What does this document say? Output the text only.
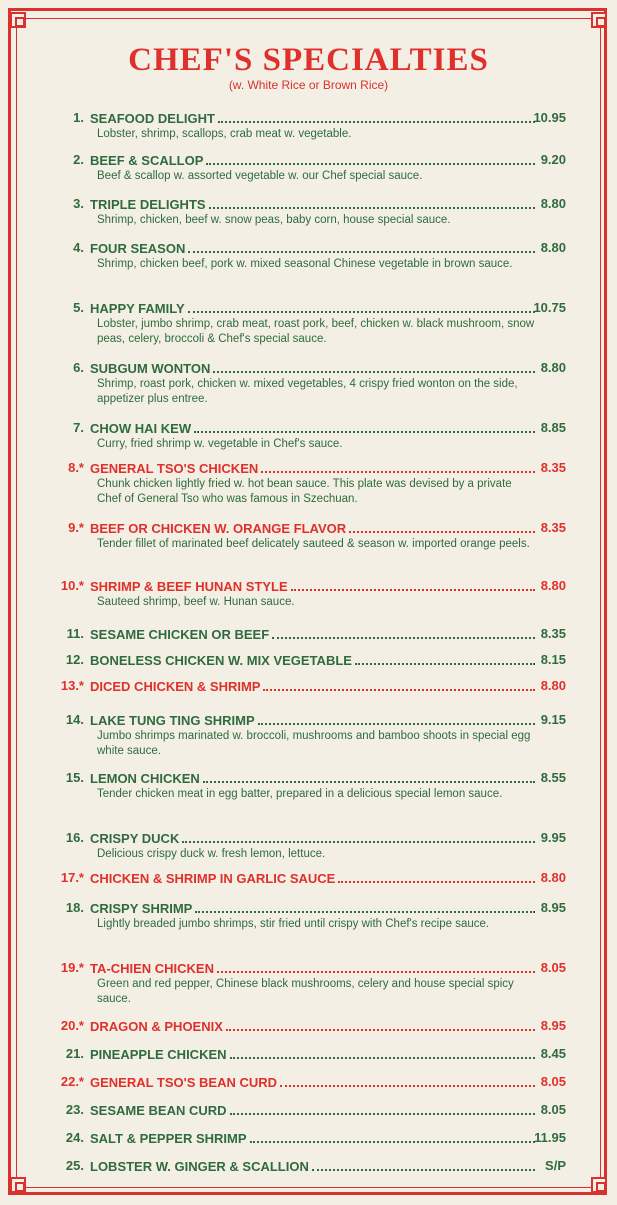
CHEF'S SPECIALTIES
(w. White Rice or Brown Rice)
1. SEAFOOD DELIGHT	10.95
Lobster, shrimp, scallops, crab meat w. vegetable.
2. BEEF & SCALLOP	9.20
Beef & scallop w. assorted vegetable w. our Chef special sauce.
3. TRIPLE DELIGHTS	8.80
Shrimp, chicken, beef w. snow peas, baby corn, house special sauce.
4. FOUR SEASON	8.80
Shrimp, chicken beef, pork w. mixed seasonal Chinese vegetable in brown sauce.
5. HAPPY FAMILY	10.75
Lobster, jumbo shrimp, crab meat, roast pork, beef, chicken w. black mushroom, snow peas, celery, broccoli & Chef's special sauce.
6. SUBGUM WONTON	8.80
Shrimp, roast pork, chicken w. mixed vegetables, 4 crispy fried wonton on the side, appetizer plus entree.
7. CHOW HAI KEW	8.85
Curry, fried shrimp w. vegetable in Chef's sauce.
8.* GENERAL TSO'S CHICKEN	8.35
Chunk chicken lightly fried w. hot bean sauce. This plate was devised by a private Chef of General Tso who was famous in Szechuan.
9.* BEEF OR CHICKEN W. ORANGE FLAVOR	8.35
Tender fillet of marinated beef delicately sauteed & season w. imported orange peels.
10.* SHRIMP & BEEF HUNAN STYLE	8.80
Sauteed shrimp, beef w. Hunan sauce.
11. SESAME CHICKEN OR BEEF	8.35
12. BONELESS CHICKEN W. MIX VEGETABLE	8.15
13.* DICED CHICKEN & SHRIMP	8.80
14. LAKE TUNG TING SHRIMP	9.15
Jumbo shrimps marinated w. broccoli, mushrooms and bamboo shoots in special egg white sauce.
15. LEMON CHICKEN	8.55
Tender chicken meat in egg batter, prepared in a delicious special lemon sauce.
16. CRISPY DUCK	9.95
Delicious crispy duck w. fresh lemon, lettuce.
17.* CHICKEN & SHRIMP IN GARLIC SAUCE	8.80
18. CRISPY SHRIMP	8.95
Lightly breaded jumbo shrimps, stir fried until crispy with Chef's recipe sauce.
19.* TA-CHIEN CHICKEN	8.05
Green and red pepper, Chinese black mushrooms, celery and house special spicy sauce.
20.* DRAGON & PHOENIX	8.95
21. PINEAPPLE CHICKEN	8.45
22.* GENERAL TSO'S BEAN CURD	8.05
23. SESAME BEAN CURD	8.05
24. SALT & PEPPER SHRIMP	11.95
25. LOBSTER W. GINGER & SCALLION	S/P
